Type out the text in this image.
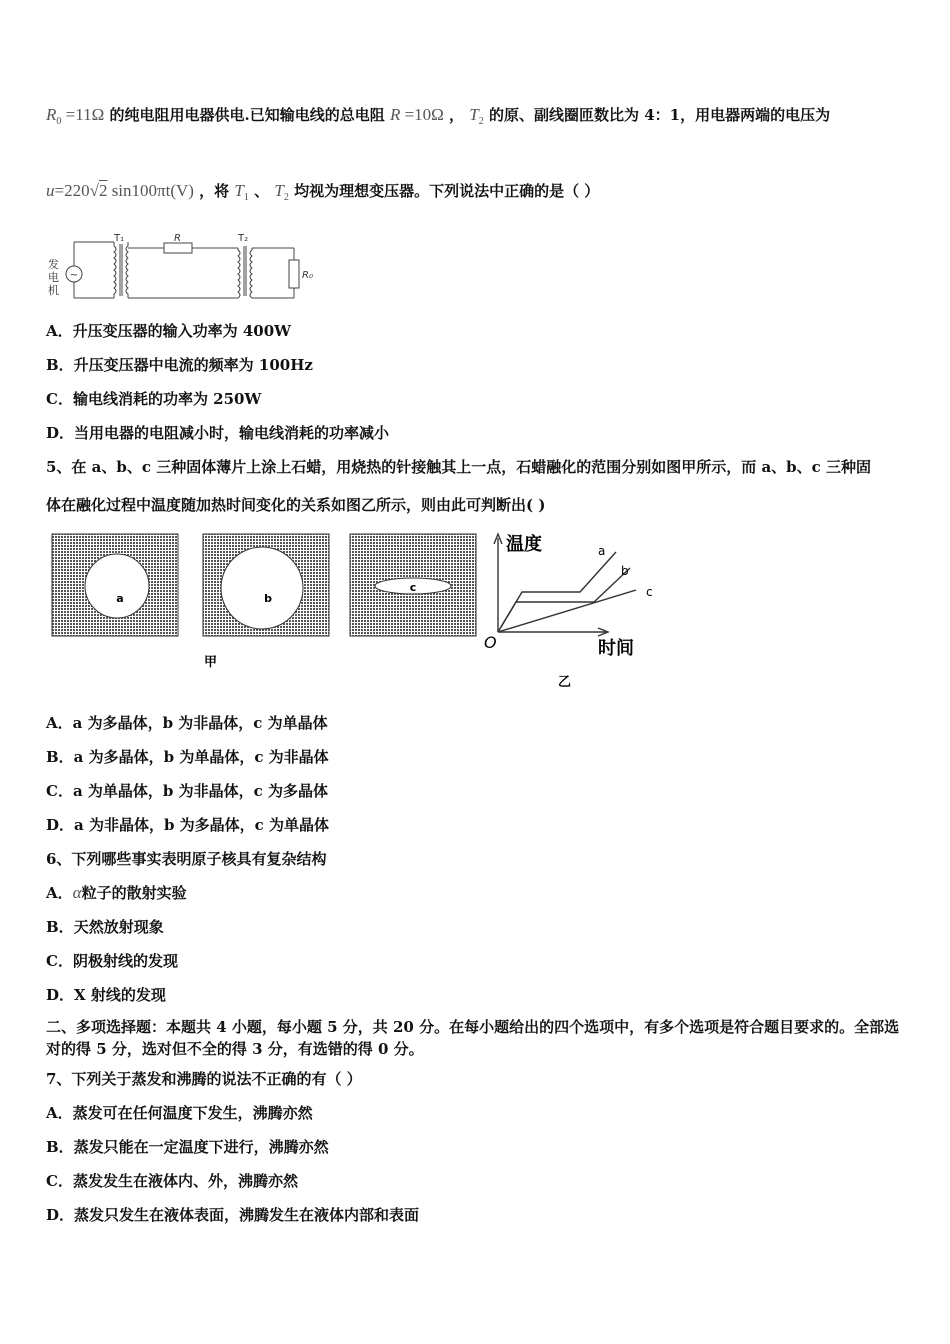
$R_0 =11\Omega$ 的纯电阻用电器供电.已知输电线的总电阻 R =10Ω ， $T_2$ 的原、副线圈匝数比为 4：1，用电器两端的电压为
u=220√2 sin100πt(V) ，将 $T_1$ 、 $T_2$ 均视为理想变压器。下列说法中正确的是（ ）
~
发
电
机
T₁	R	T₂
R₀
A．升压变压器的输入功率为 400W
B．升压变压器中电流的频率为 100Hz
C．输电线消耗的功率为 250W
D．当用电器的电阻减小时，输电线消耗的功率减小
5、在 a、b、c 三种固体薄片上涂上石蜡，用烧热的针接触其上一点，石蜡融化的范围分别如图甲所示，而 a、b、c 三种固
体在融化过程中温度随加热时间变化的关系如图乙所示，则由此可判断出( )
a	b
c
甲
乙
温度
时间
O
a
b
c
A．a 为多晶体，b 为非晶体，c 为单晶体
B．a 为多晶体，b 为单晶体，c 为非晶体
C．a 为单晶体，b 为非晶体，c 为多晶体
D．a 为非晶体，b 为多晶体，c 为单晶体
6、下列哪些事实表明原子核具有复杂结构
A．α粒子的散射实验
B．天然放射现象
C．阴极射线的发现
D．X 射线的发现
二、多项选择题：本题共 4 小题，每小题 5 分，共 20 分。在每小题给出的四个选项中，有多个选项是符合题目要求的。全部选对的得 5 分，选对但不全的得 3 分，有选错的得 0 分。
7、下列关于蒸发和沸腾的说法不正确的有（ ）
A．蒸发可在任何温度下发生，沸腾亦然
B．蒸发只能在一定温度下进行，沸腾亦然
C．蒸发发生在液体内、外，沸腾亦然
D．蒸发只发生在液体表面，沸腾发生在液体内部和表面
